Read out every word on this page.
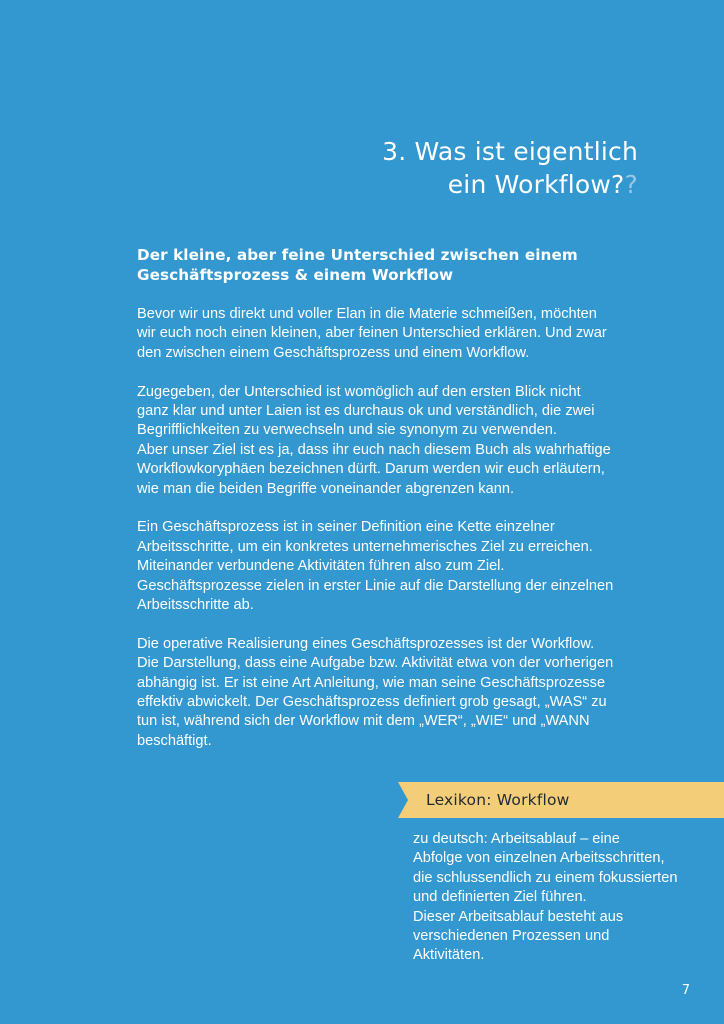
3. Was ist eigentlich
ein Workflow??
Der kleine, aber feine Unterschied zwischen einem
Geschäftsprozess & einem Workflow

Bevor wir uns direkt und voller Elan in die Materie schmeißen, möchten
wir euch noch einen kleinen, aber feinen Unterschied erklären. Und zwar
den zwischen einem Geschäftsprozess und einem Workflow.

Zugegeben, der Unterschied ist womöglich auf den ersten Blick nicht
ganz klar und unter Laien ist es durchaus ok und verständlich, die zwei
Begrifflichkeiten zu verwechseln und sie synonym zu verwenden.
Aber unser Ziel ist es ja, dass ihr euch nach diesem Buch als wahrhaftige
Workflowkoryphäen bezeichnen dürft. Darum werden wir euch erläutern,
wie man die beiden Begriffe voneinander abgrenzen kann.

Ein Geschäftsprozess ist in seiner Definition eine Kette einzelner
Arbeitsschritte, um ein konkretes unternehmerisches Ziel zu erreichen.
Miteinander verbundene Aktivitäten führen also zum Ziel.
Geschäftsprozesse zielen in erster Linie auf die Darstellung der einzelnen
Arbeitsschritte ab.

Die operative Realisierung eines Geschäftsprozesses ist der Workflow.
Die Darstellung, dass eine Aufgabe bzw. Aktivität etwa von der vorherigen
abhängig ist. Er ist eine Art Anleitung, wie man seine Geschäftsprozesse
effektiv abwickelt. Der Geschäftsprozess definiert grob gesagt, „WAS“ zu
tun ist, während sich der Workflow mit dem „WER“, „WIE“ und „WANN
beschäftigt.

Lexikon: Workflow

zu deutsch: Arbeitsablauf – eine
Abfolge von einzelnen Arbeitsschritten,
die schlussendlich zu einem fokussierten
und definierten Ziel führen.
Dieser Arbeitsablauf besteht aus
verschiedenen Prozessen und
Aktivitäten.

7
